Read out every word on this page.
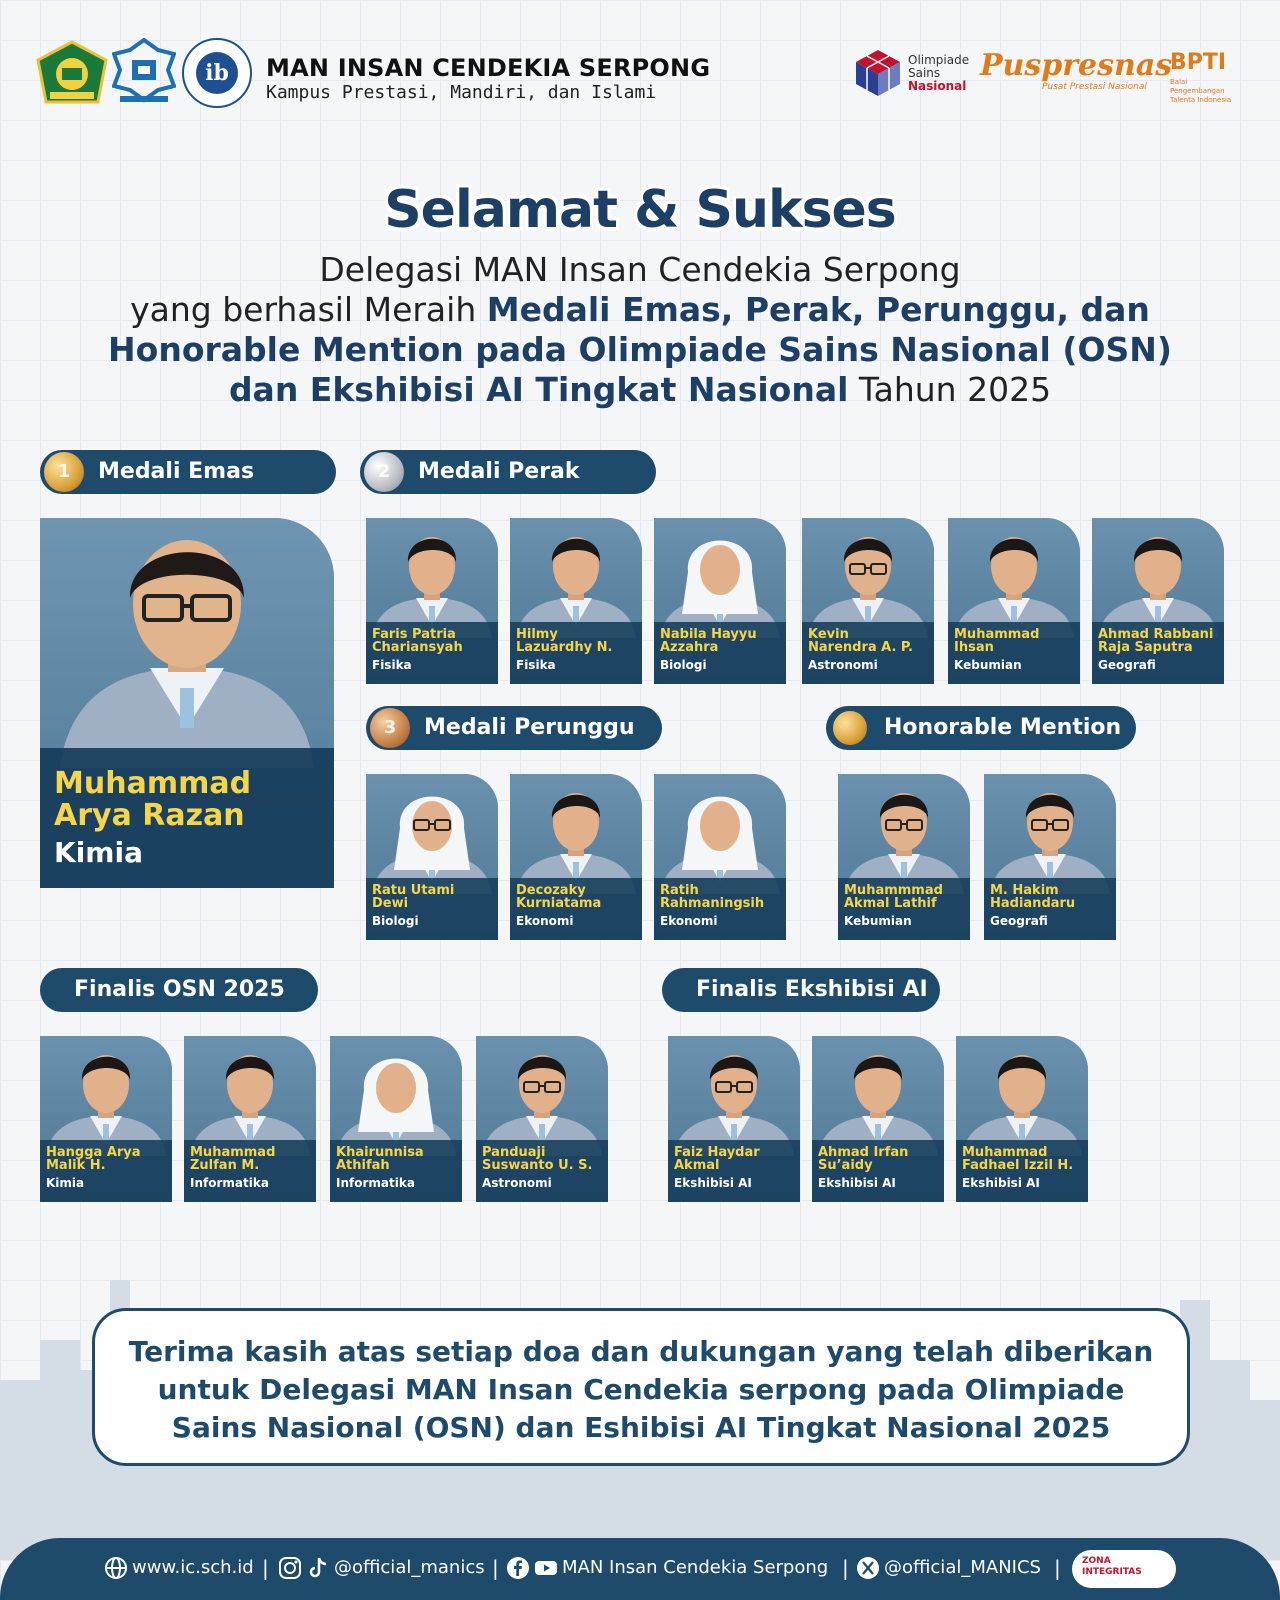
ib	MAN INSAN CENDEKIA SERPONG
Kampus Prestasi, Mandiri, dan Islami
Olimpiade
Sains
Nasional
Puspresnas
Pusat Prestasi Nasional
BPTI
Balai Pengembangan Talenta Indonesia
Selamat & Sukses
Delegasi MAN Insan Cendekia Serpong
yang berhasil Meraih Medali Emas, Perak, Perunggu, dan
Honorable Mention pada Olimpiade Sains Nasional (OSN)
dan Ekshibisi AI Tingkat Nasional Tahun 2025
1	Medali Emas	2	Medali Perak
3	Medali Perunggu	Honorable Mention
Finalis OSN 2025	Finalis Ekshibisi AI
Muhammad
Arya Razan
Kimia
Faris Patria
Chariansyah
Fisika
Hilmy
Lazuardhy N.
Fisika
Nabila Hayyu
Azzahra
Biologi
Kevin
Narendra A. P.
Astronomi
Muhammad
Ihsan
Kebumian
Ahmad Rabbani
Raja Saputra
Geografi
Ratu Utami
Dewi
Biologi
Decozaky
Kurniatama
Ekonomi
Ratih
Rahmaningsih
Ekonomi
Muhammmad
Akmal Lathif
Kebumian
M. Hakim
Hadiandaru
Geografi
Hangga Arya
Malik H.
Kimia
Muhammad
Zulfan M.
Informatika
Khairunnisa
Athifah
Informatika
Panduaji
Suswanto U. S.
Astronomi
Faiz Haydar
Akmal
Ekshibisi AI
Ahmad Irfan
Su’aidy
Ekshibisi AI
Muhammad
Fadhael Izzil H.
Ekshibisi AI
Terima kasih atas setiap doa dan dukungan yang telah diberikan
untuk Delegasi MAN Insan Cendekia serpong pada Olimpiade
Sains Nasional (OSN) dan Eshibisi AI Tingkat Nasional 2025
www.ic.sch.id |	@official_manics |	MAN Insan Cendekia Serpong |	@official_MANICS |	ZONA
INTEGRITAS
